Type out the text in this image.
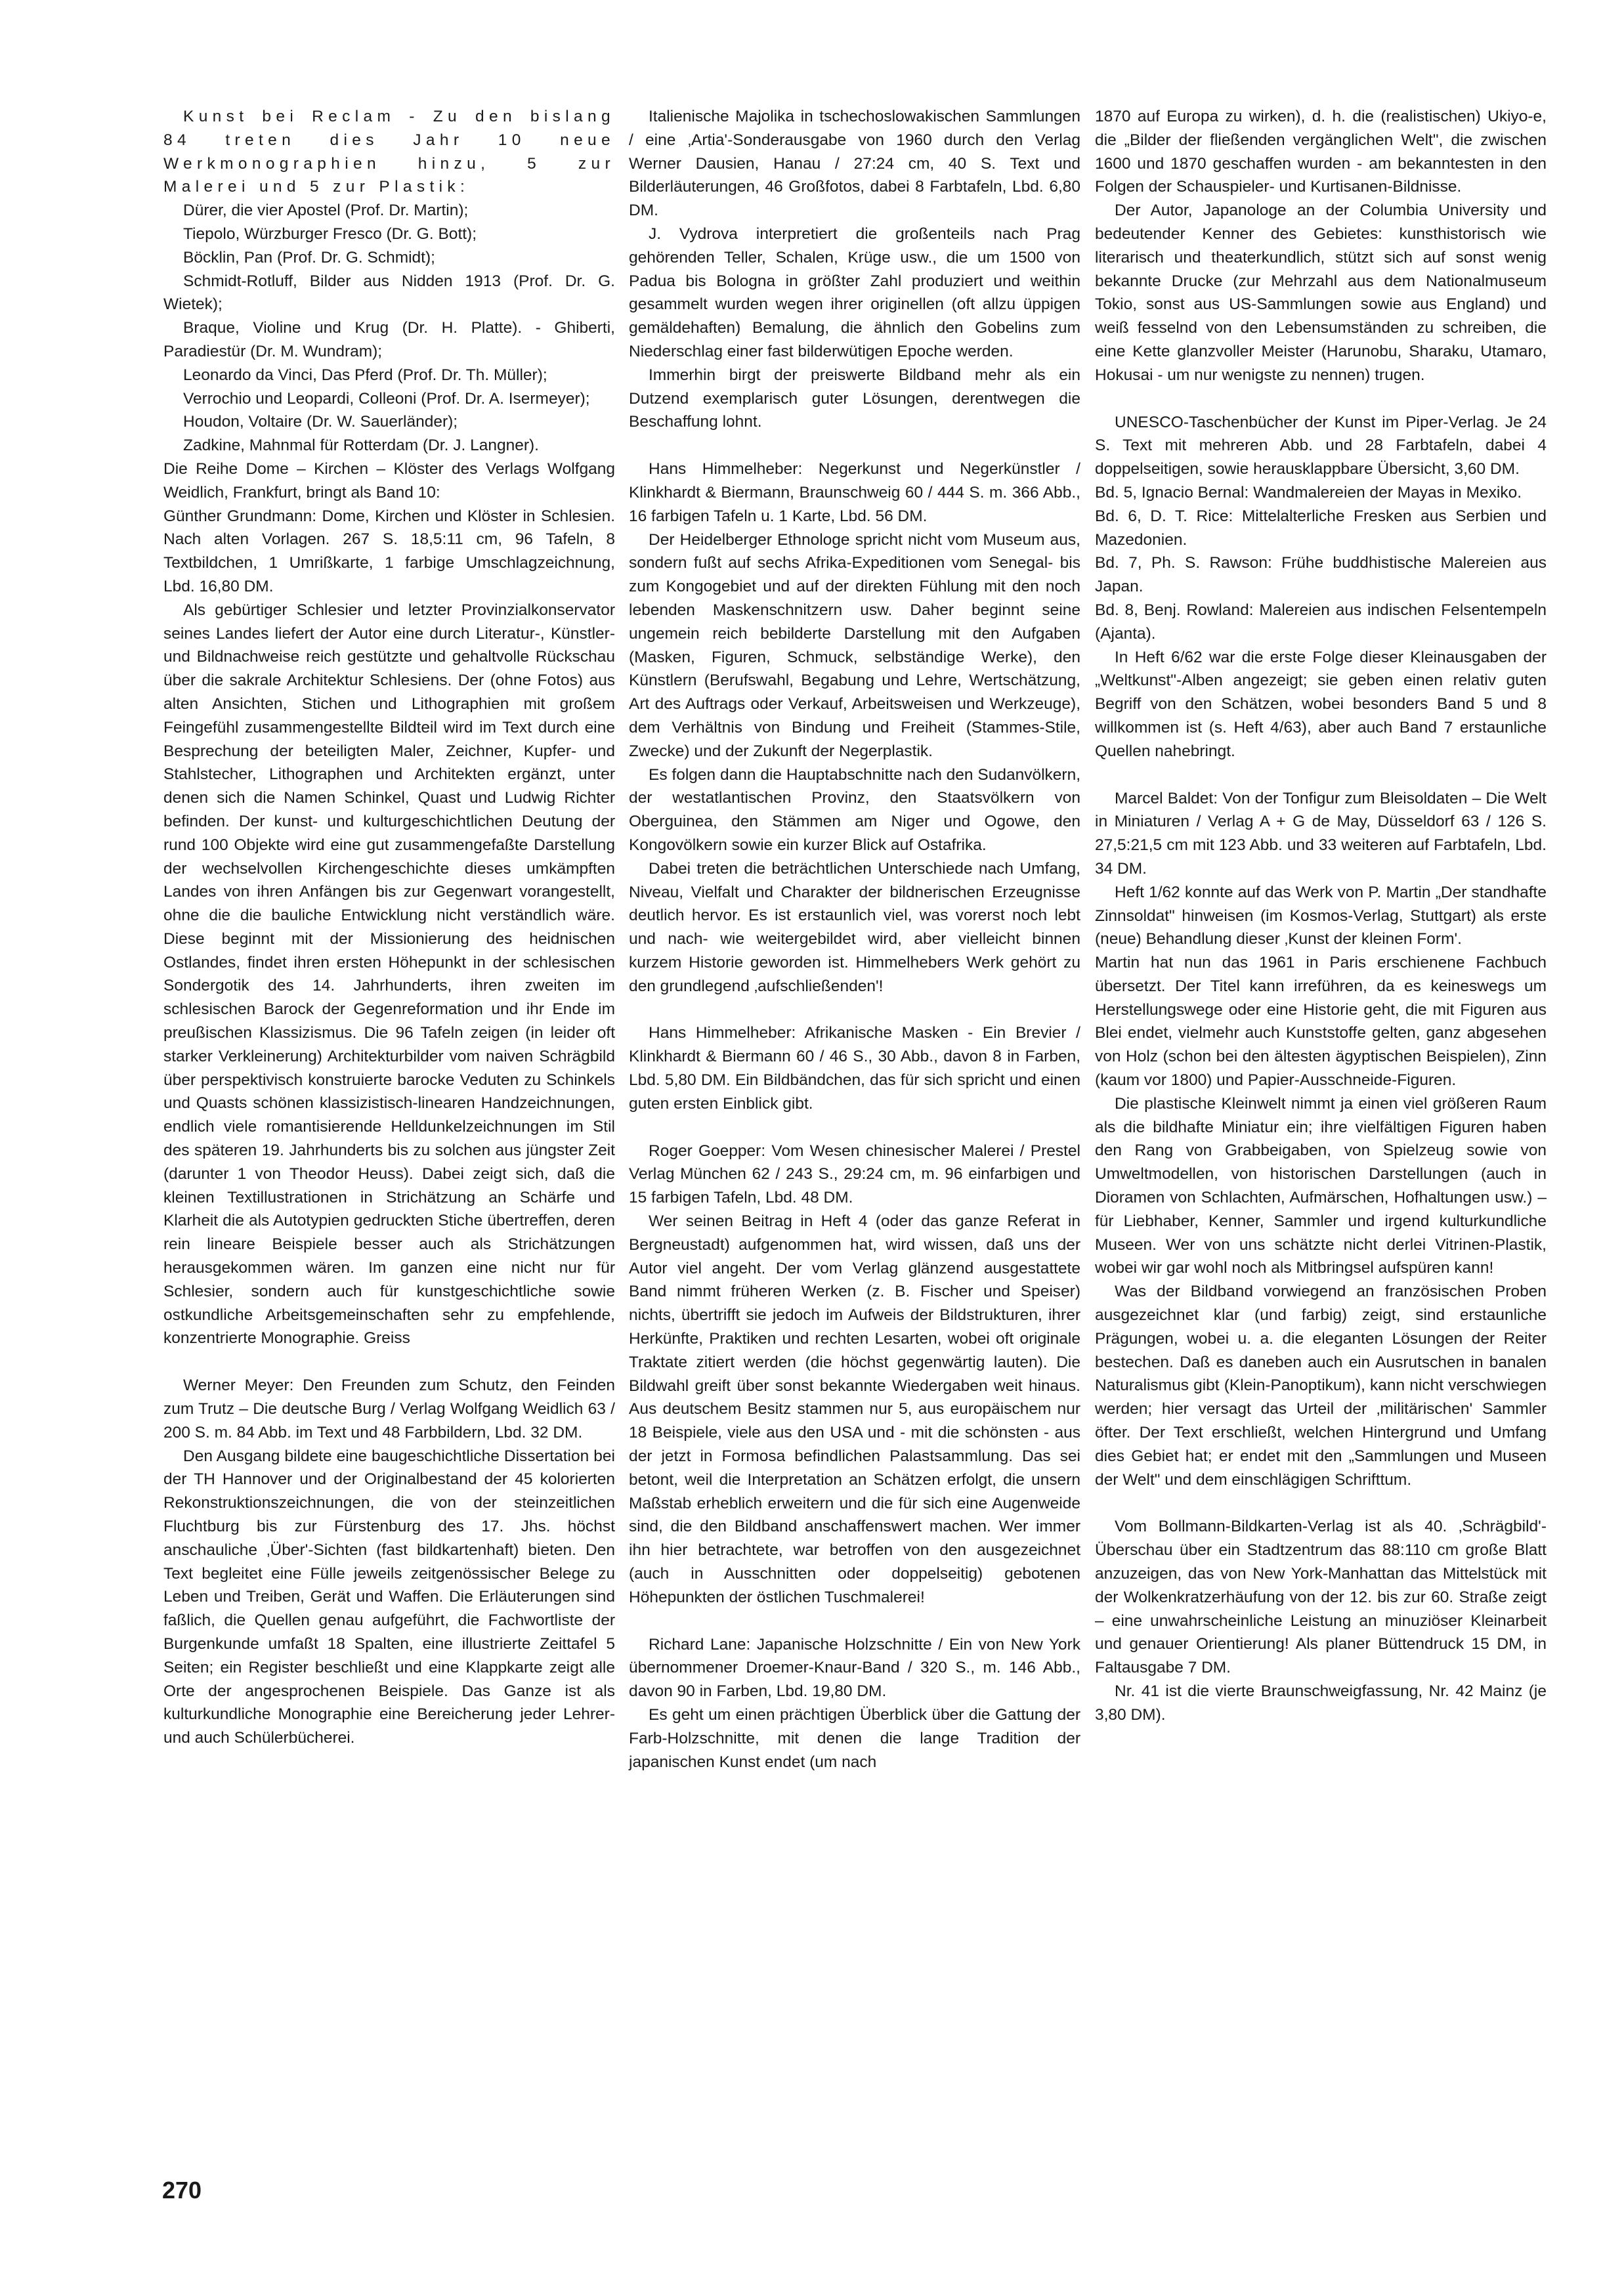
Kunst bei Reclam - Zu den bislang 84 treten dies Jahr 10 neue Werkmonographien hinzu, 5 zur Malerei und 5 zur Plastik:

Dürer, die vier Apostel (Prof. Dr. Martin);

Tiepolo, Würzburger Fresco (Dr. G. Bott);

Böcklin, Pan (Prof. Dr. G. Schmidt);

Schmidt-Rotluff, Bilder aus Nidden 1913 (Prof. Dr. G. Wietek);

Braque, Violine und Krug (Dr. H. Platte). - Ghiberti, Paradiestür (Dr. M. Wundram);

Leonardo da Vinci, Das Pferd (Prof. Dr. Th. Müller);

Verrochio und Leopardi, Colleoni (Prof. Dr. A. Isermeyer);

Houdon, Voltaire (Dr. W. Sauerländer);

Zadkine, Mahnmal für Rotterdam (Dr. J. Langner).

Die Reihe Dome – Kirchen – Klöster des Verlags Wolfgang Weidlich, Frankfurt, bringt als Band 10:

Günther Grundmann: Dome, Kirchen und Klöster in Schlesien. Nach alten Vorlagen. 267 S. 18,5:11 cm, 96 Tafeln, 8 Textbildchen, 1 Umrißkarte, 1 farbige Umschlagzeichnung, Lbd. 16,80 DM.

Als gebürtiger Schlesier und letzter Provinzialkonservator seines Landes liefert der Autor eine durch Literatur-, Künstler- und Bildnachweise reich gestützte und gehaltvolle Rückschau über die sakrale Architektur Schlesiens. Der (ohne Fotos) aus alten Ansichten, Stichen und Lithographien mit großem Feingefühl zusammengestellte Bildteil wird im Text durch eine Besprechung der beteiligten Maler, Zeichner, Kupfer- und Stahlstecher, Lithographen und Architekten ergänzt, unter denen sich die Namen Schinkel, Quast und Ludwig Richter befinden. Der kunst- und kulturgeschichtlichen Deutung der rund 100 Objekte wird eine gut zusammengefaßte Darstellung der wechselvollen Kirchengeschichte dieses umkämpften Landes von ihren Anfängen bis zur Gegenwart vorangestellt, ohne die die bauliche Entwicklung nicht verständlich wäre. Diese beginnt mit der Missionierung des heidnischen Ostlandes, findet ihren ersten Höhepunkt in der schlesischen Sondergotik des 14. Jahrhunderts, ihren zweiten im schlesischen Barock der Gegenreformation und ihr Ende im preußischen Klassizismus. Die 96 Tafeln zeigen (in leider oft starker Verkleinerung) Architekturbilder vom naiven Schrägbild über perspektivisch konstruierte barocke Veduten zu Schinkels und Quasts schönen klassizistisch-linearen Handzeichnungen, endlich viele romantisierende Helldunkelzeichnungen im Stil des späteren 19. Jahrhunderts bis zu solchen aus jüngster Zeit (darunter 1 von Theodor Heuss). Dabei zeigt sich, daß die kleinen Textillustrationen in Strichätzung an Schärfe und Klarheit die als Autotypien gedruckten Stiche übertreffen, deren rein lineare Beispiele besser auch als Strichätzungen herausgekommen wären. Im ganzen eine nicht nur für Schlesier, sondern auch für kunstgeschichtliche sowie ostkundliche Arbeitsgemeinschaften sehr zu empfehlende, konzentrierte Monographie. Greiss

Werner Meyer: Den Freunden zum Schutz, den Feinden zum Trutz – Die deutsche Burg / Verlag Wolfgang Weidlich 63 / 200 S. m. 84 Abb. im Text und 48 Farbbildern, Lbd. 32 DM.

Den Ausgang bildete eine baugeschichtliche Dissertation bei der TH Hannover und der Originalbestand der 45 kolorierten Rekonstruktionszeichnungen, die von der steinzeitlichen Fluchtburg bis zur Fürstenburg des 17. Jhs. höchst anschauliche ‚Über'-Sichten (fast bildkartenhaft) bieten. Den Text begleitet eine Fülle jeweils zeitgenössischer Belege zu Leben und Treiben, Gerät und Waffen. Die Erläuterungen sind faßlich, die Quellen genau aufgeführt, die Fachwortliste der Burgenkunde umfaßt 18 Spalten, eine illustrierte Zeittafel 5 Seiten; ein Register beschließt und eine Klappkarte zeigt alle Orte der angesprochenen Beispiele. Das Ganze ist als kulturkundliche Monographie eine Bereicherung jeder Lehrer- und auch Schülerbücherei.

Italienische Majolika in tschechoslowakischen Sammlungen / eine ‚Artia'-Sonderausgabe von 1960 durch den Verlag Werner Dausien, Hanau / 27:24 cm, 40 S. Text und Bilderläuterungen, 46 Großfotos, dabei 8 Farbtafeln, Lbd. 6,80 DM.

J. Vydrova interpretiert die großenteils nach Prag gehörenden Teller, Schalen, Krüge usw., die um 1500 von Padua bis Bologna in größter Zahl produziert und weithin gesammelt wurden wegen ihrer originellen (oft allzu üppigen gemäldehaften) Bemalung, die ähnlich den Gobelins zum Niederschlag einer fast bilderwütigen Epoche werden.

Immerhin birgt der preiswerte Bildband mehr als ein Dutzend exemplarisch guter Lösungen, derentwegen die Beschaffung lohnt.

Hans Himmelheber: Negerkunst und Negerkünstler / Klinkhardt & Biermann, Braunschweig 60 / 444 S. m. 366 Abb., 16 farbigen Tafeln u. 1 Karte, Lbd. 56 DM.

Der Heidelberger Ethnologe spricht nicht vom Museum aus, sondern fußt auf sechs Afrika-Expeditionen vom Senegal- bis zum Kongogebiet und auf der direkten Fühlung mit den noch lebenden Maskenschnitzern usw. Daher beginnt seine ungemein reich bebilderte Darstellung mit den Aufgaben (Masken, Figuren, Schmuck, selbständige Werke), den Künstlern (Berufswahl, Begabung und Lehre, Wertschätzung, Art des Auftrags oder Verkauf, Arbeitsweisen und Werkzeuge), dem Verhältnis von Bindung und Freiheit (Stammes-Stile, Zwecke) und der Zukunft der Negerplastik.

Es folgen dann die Hauptabschnitte nach den Sudanvölkern, der westatlantischen Provinz, den Staatsvölkern von Oberguinea, den Stämmen am Niger und Ogowe, den Kongovölkern sowie ein kurzer Blick auf Ostafrika.

Dabei treten die beträchtlichen Unterschiede nach Umfang, Niveau, Vielfalt und Charakter der bildnerischen Erzeugnisse deutlich hervor. Es ist erstaunlich viel, was vorerst noch lebt und nach- wie weitergebildet wird, aber vielleicht binnen kurzem Historie geworden ist. Himmelhebers Werk gehört zu den grundlegend ‚aufschließenden'!

Hans Himmelheber: Afrikanische Masken - Ein Brevier / Klinkhardt & Biermann 60 / 46 S., 30 Abb., davon 8 in Farben, Lbd. 5,80 DM. Ein Bildbändchen, das für sich spricht und einen guten ersten Einblick gibt.

Roger Goepper: Vom Wesen chinesischer Malerei / Prestel Verlag München 62 / 243 S., 29:24 cm, m. 96 einfarbigen und 15 farbigen Tafeln, Lbd. 48 DM.

Wer seinen Beitrag in Heft 4 (oder das ganze Referat in Bergneustadt) aufgenommen hat, wird wissen, daß uns der Autor viel angeht. Der vom Verlag glänzend ausgestattete Band nimmt früheren Werken (z. B. Fischer und Speiser) nichts, übertrifft sie jedoch im Aufweis der Bildstrukturen, ihrer Herkünfte, Praktiken und rechten Lesarten, wobei oft originale Traktate zitiert werden (die höchst gegenwärtig lauten). Die Bildwahl greift über sonst bekannte Wiedergaben weit hinaus. Aus deutschem Besitz stammen nur 5, aus europäischem nur 18 Beispiele, viele aus den USA und - mit die schönsten - aus der jetzt in Formosa befindlichen Palastsammlung. Das sei betont, weil die Interpretation an Schätzen erfolgt, die unsern Maßstab erheblich erweitern und die für sich eine Augenweide sind, die den Bildband anschaffenswert machen. Wer immer ihn hier betrachtete, war betroffen von den ausgezeichnet (auch in Ausschnitten oder doppelseitig) gebotenen Höhepunkten der östlichen Tuschmalerei!

Richard Lane: Japanische Holzschnitte / Ein von New York übernommener Droemer-Knaur-Band / 320 S., m. 146 Abb., davon 90 in Farben, Lbd. 19,80 DM.

Es geht um einen prächtigen Überblick über die Gattung der Farb-Holzschnitte, mit denen die lange Tradition der japanischen Kunst endet (um nach

1870 auf Europa zu wirken), d. h. die (realistischen) Ukiyo-e, die „Bilder der fließenden vergänglichen Welt", die zwischen 1600 und 1870 geschaffen wurden - am bekanntesten in den Folgen der Schauspieler- und Kurtisanen-Bildnisse.

Der Autor, Japanologe an der Columbia University und bedeutender Kenner des Gebietes: kunsthistorisch wie literarisch und theaterkundlich, stützt sich auf sonst wenig bekannte Drucke (zur Mehrzahl aus dem Nationalmuseum Tokio, sonst aus US-Sammlungen sowie aus England) und weiß fesselnd von den Lebensumständen zu schreiben, die eine Kette glanzvoller Meister (Harunobu, Sharaku, Utamaro, Hokusai - um nur wenigste zu nennen) trugen.

UNESCO-Taschenbücher der Kunst im Piper-Verlag. Je 24 S. Text mit mehreren Abb. und 28 Farbtafeln, dabei 4 doppelseitigen, sowie herausklappbare Übersicht, 3,60 DM.

Bd. 5, Ignacio Bernal: Wandmalereien der Mayas in Mexiko.

Bd. 6, D. T. Rice: Mittelalterliche Fresken aus Serbien und Mazedonien.

Bd. 7, Ph. S. Rawson: Frühe buddhistische Malereien aus Japan.

Bd. 8, Benj. Rowland: Malereien aus indischen Felsentempeln (Ajanta).

In Heft 6/62 war die erste Folge dieser Kleinausgaben der „Weltkunst"-Alben angezeigt; sie geben einen relativ guten Begriff von den Schätzen, wobei besonders Band 5 und 8 willkommen ist (s. Heft 4/63), aber auch Band 7 erstaunliche Quellen nahebringt.

Marcel Baldet: Von der Tonfigur zum Bleisoldaten – Die Welt in Miniaturen / Verlag A + G de May, Düsseldorf 63 / 126 S. 27,5:21,5 cm mit 123 Abb. und 33 weiteren auf Farbtafeln, Lbd. 34 DM.

Heft 1/62 konnte auf das Werk von P. Martin „Der standhafte Zinnsoldat" hinweisen (im Kosmos-Verlag, Stuttgart) als erste (neue) Behandlung dieser ‚Kunst der kleinen Form'.

Martin hat nun das 1961 in Paris erschienene Fachbuch übersetzt. Der Titel kann irreführen, da es keineswegs um Herstellungswege oder eine Historie geht, die mit Figuren aus Blei endet, vielmehr auch Kunststoffe gelten, ganz abgesehen von Holz (schon bei den ältesten ägyptischen Beispielen), Zinn (kaum vor 1800) und Papier-Ausschneide-Figuren.

Die plastische Kleinwelt nimmt ja einen viel größeren Raum als die bildhafte Miniatur ein; ihre vielfältigen Figuren haben den Rang von Grabbeigaben, von Spielzeug sowie von Umweltmodellen, von historischen Darstellungen (auch in Dioramen von Schlachten, Aufmärschen, Hofhaltungen usw.) – für Liebhaber, Kenner, Sammler und irgend kulturkundliche Museen. Wer von uns schätzte nicht derlei Vitrinen-Plastik, wobei wir gar wohl noch als Mitbringsel aufspüren kann!

Was der Bildband vorwiegend an französischen Proben ausgezeichnet klar (und farbig) zeigt, sind erstaunliche Prägungen, wobei u. a. die eleganten Lösungen der Reiter bestechen. Daß es daneben auch ein Ausrutschen in banalen Naturalismus gibt (Klein-Panoptikum), kann nicht verschwiegen werden; hier versagt das Urteil der ‚militärischen' Sammler öfter. Der Text erschließt, welchen Hintergrund und Umfang dies Gebiet hat; er endet mit den „Sammlungen und Museen der Welt" und dem einschlägigen Schrifttum.

Vom Bollmann-Bildkarten-Verlag ist als 40. ‚Schrägbild'-Überschau über ein Stadtzentrum das 88:110 cm große Blatt anzuzeigen, das von New York-Manhattan das Mittelstück mit der Wolkenkratzerhäufung von der 12. bis zur 60. Straße zeigt – eine unwahrscheinliche Leistung an minuziöser Kleinarbeit und genauer Orientierung! Als planer Büttendruck 15 DM, in Faltausgabe 7 DM.

Nr. 41 ist die vierte Braunschweigfassung, Nr. 42 Mainz (je 3,80 DM).

270
